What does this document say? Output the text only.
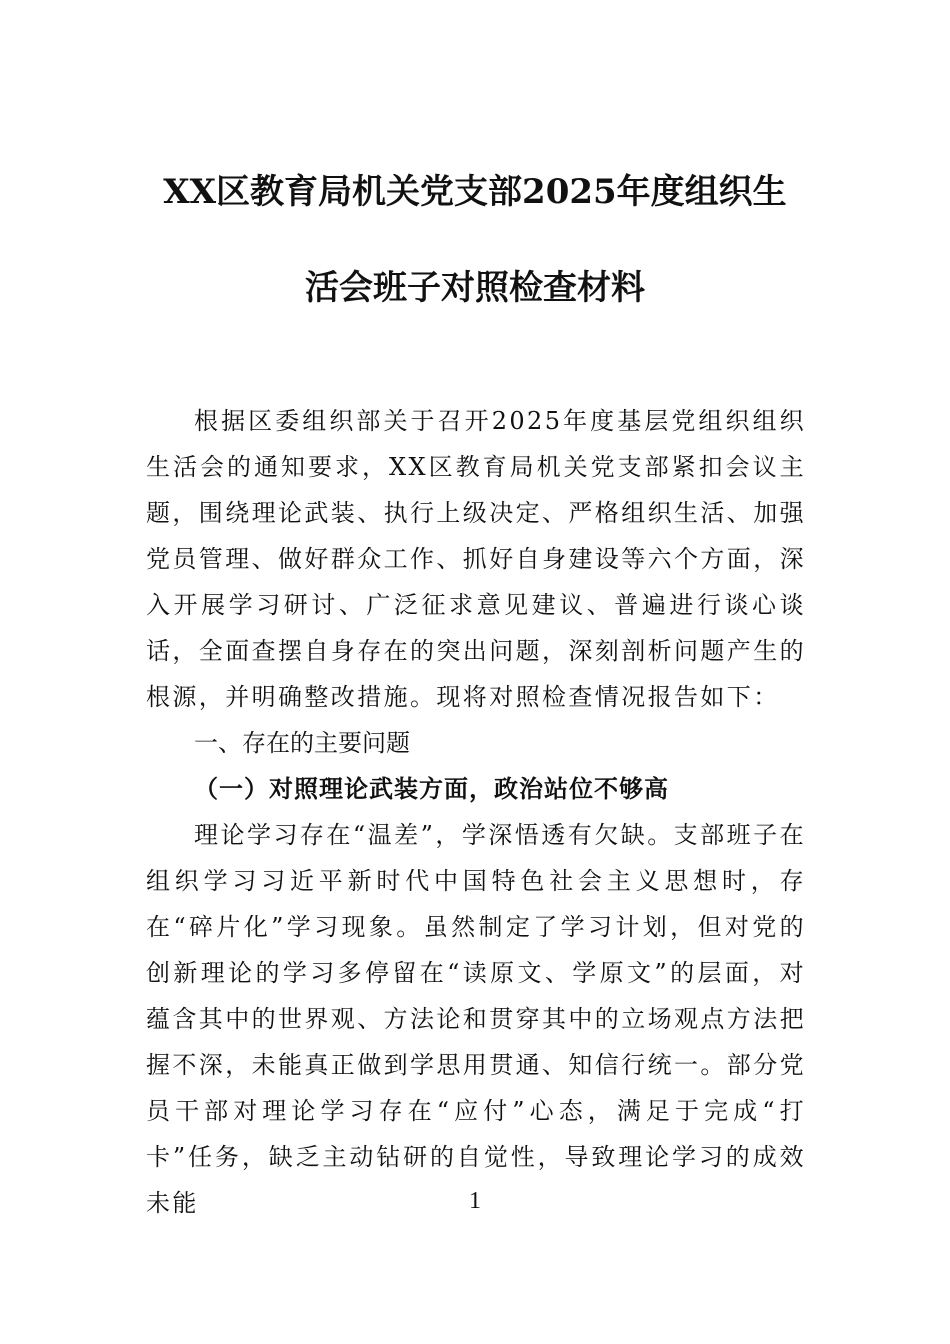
XX区教育局机关党支部2025年度组织生
活会班子对照检查材料

根据区委组织部关于召开2025年度基层党组织组织生活会的通知要求，XX区教育局机关党支部紧扣会议主题，围绕理论武装、执行上级决定、严格组织生活、加强党员管理、做好群众工作、抓好自身建设等六个方面，深入开展学习研讨、广泛征求意见建议、普遍进行谈心谈话，全面查摆自身存在的突出问题，深刻剖析问题产生的根源，并明确整改措施。现将对照检查情况报告如下：

一、存在的主要问题
（一）对照理论武装方面，政治站位不够高

理论学习存在“温差”，学深悟透有欠缺。支部班子在组织学习习近平新时代中国特色社会主义思想时，存在“碎片化”学习现象。虽然制定了学习计划，但对党的创新理论的学习多停留在“读原文、学原文”的层面，对蕴含其中的世界观、方法论和贯穿其中的立场观点方法把握不深，未能真正做到学思用贯通、知信行统一。部分党员干部对理论学习存在“应付”心态，满足于完成“打卡”任务，缺乏主动钻研的自觉性，导致理论学习的成效未能	1
